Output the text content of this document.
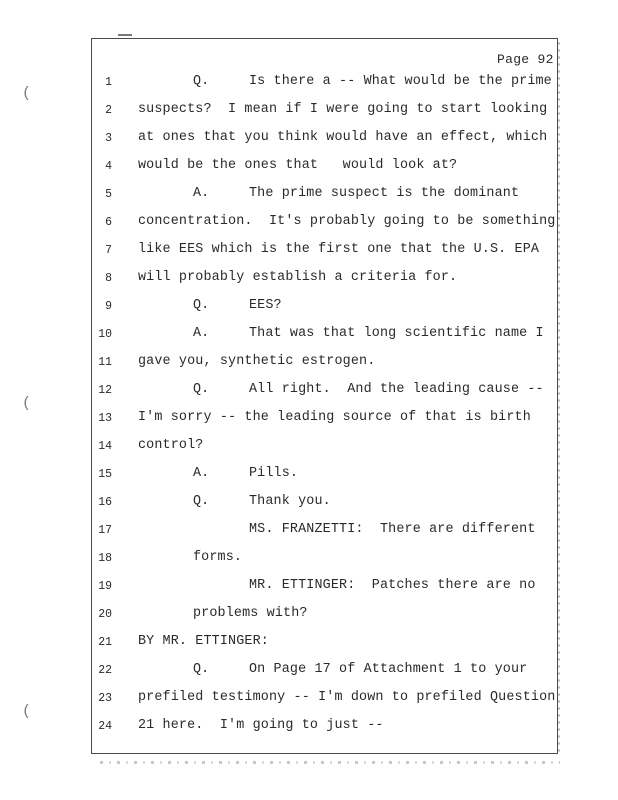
(
(
(
Page 92
1	Q.	Is there a -- What would be the prime
2 suspects?  I mean if I were going to start looking
3 at ones that you think would have an effect, which
4 would be the ones that   would look at?
5	A.	The prime suspect is the dominant
6 concentration.  It's probably going to be something
7 like EES which is the first one that the U.S. EPA
8 will probably establish a criteria for.
9	Q.	EES?
10	A.	That was that long scientific name I
11 gave you, synthetic estrogen.
12	Q.	All right.  And the leading cause --
13 I'm sorry -- the leading source of that is birth
14 control?
15	A.	Pills.
16	Q.	Thank you.
17	MS. FRANZETTI:  There are different
18	forms.
19	MR. ETTINGER:  Patches there are no
20	problems with?
21 BY MR. ETTINGER:
22	Q.	On Page 17 of Attachment 1 to your
23 prefiled testimony -- I'm down to prefiled Question
24 21 here.  I'm going to just --
